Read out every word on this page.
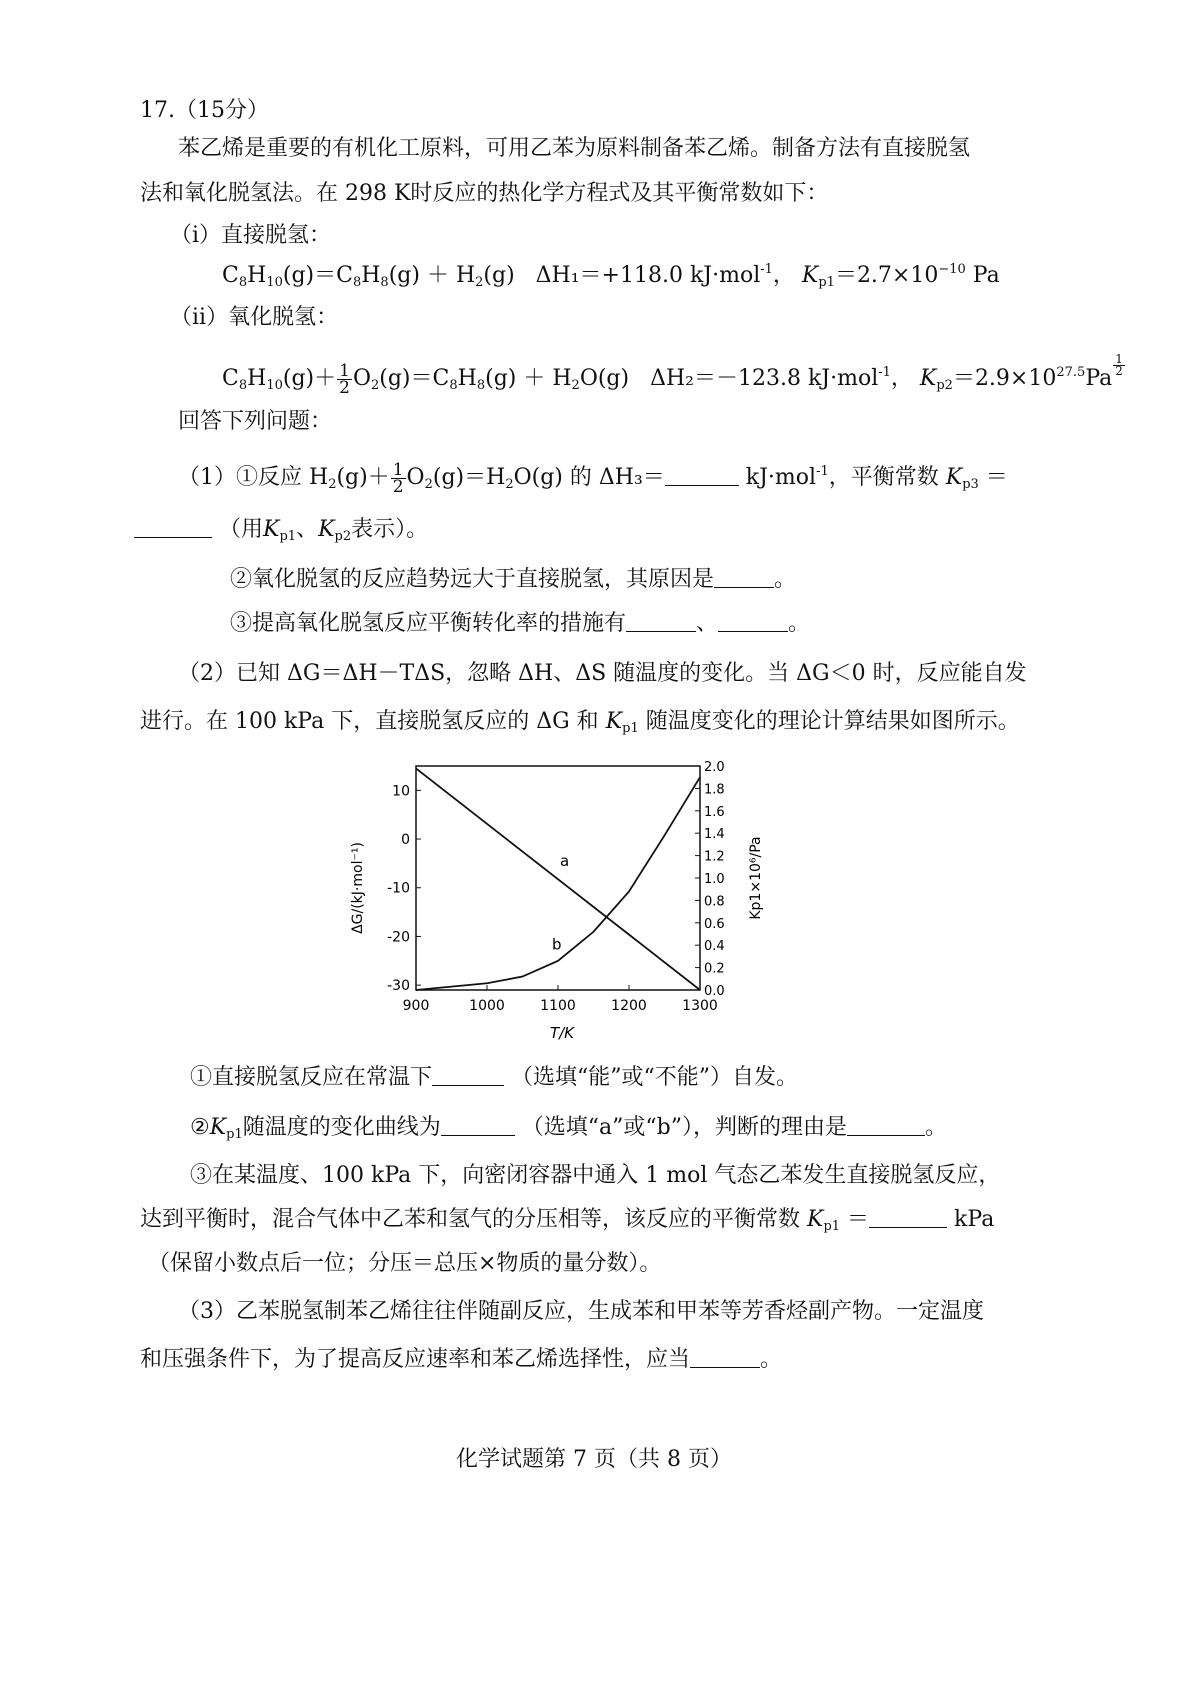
17.（15分）
苯乙烯是重要的有机化工原料，可用乙苯为原料制备苯乙烯。制备方法有直接脱氢
法和氧化脱氢法。在 298 K时反应的热化学方程式及其平衡常数如下：
（i）直接脱氢：
$C_8H_{10}(g)=C_8H_8(g) + H_2(g)$   ΔH₁＝+118.0 kJ·mol$^{-1}$， $K_{p1}=2.7\times 10^{-10}$ Pa
（ii）氧化脱氢：
$C_8H_{10}(g)+ \frac{1}{2} O_2(g)=C_8H_8(g) + H_2O(g)$   ΔH₂＝－123.8 kJ·mol$^{-1}$， $K_{p2}=2.9\times 10^{27.5}Pa$
$\frac{1}{2}$
回答下列问题：
（1）①反应 $H_2(g)+ \frac{1}{2} O_2(g)=H_2O(g)$ 的 ΔH₃＝	kJ·mol$^{-1}$，平衡常数 $K_{p3}$ ＝
（用$K_{p1}$、$K_{p2}$表示）。
②氧化脱氢的反应趋势远大于直接脱氢，其原因是	。
③提高氧化脱氢反应平衡转化率的措施有	、	。
（2）已知 ΔG＝ΔH－TΔS，忽略 ΔH、ΔS 随温度的变化。当 ΔG＜0 时，反应能自发
进行。在 100 kPa 下，直接脱氢反应的 ΔG 和 $K_{p1}$ 随温度变化的理论计算结果如图所示。
900	1000	1100	1200	1300
10
0
-10
-20
-30
2.0
1.8
1.6
1.4
1.2
1.0
0.8
0.6
0.4
0.2
0.0
a
b
T/K
ΔG/(kJ·mol⁻¹)	Kp1×10⁶/Pa
①直接脱氢反应在常温下	（选填“能”或“不能”）自发。
$②K_{p1}$随温度的变化曲线为	（选填“a”或“b”），判断的理由是	。
③在某温度、100 kPa 下，向密闭容器中通入 1 mol 气态乙苯发生直接脱氢反应，
达到平衡时，混合气体中乙苯和氢气的分压相等，该反应的平衡常数 $K_{p1}$ ＝	kPa
（保留小数点后一位；分压＝总压×物质的量分数）。
（3）乙苯脱氢制苯乙烯往往伴随副反应，生成苯和甲苯等芳香烃副产物。一定温度
和压强条件下，为了提高反应速率和苯乙烯选择性，应当	。
化学试题第 7 页（共 8 页）
